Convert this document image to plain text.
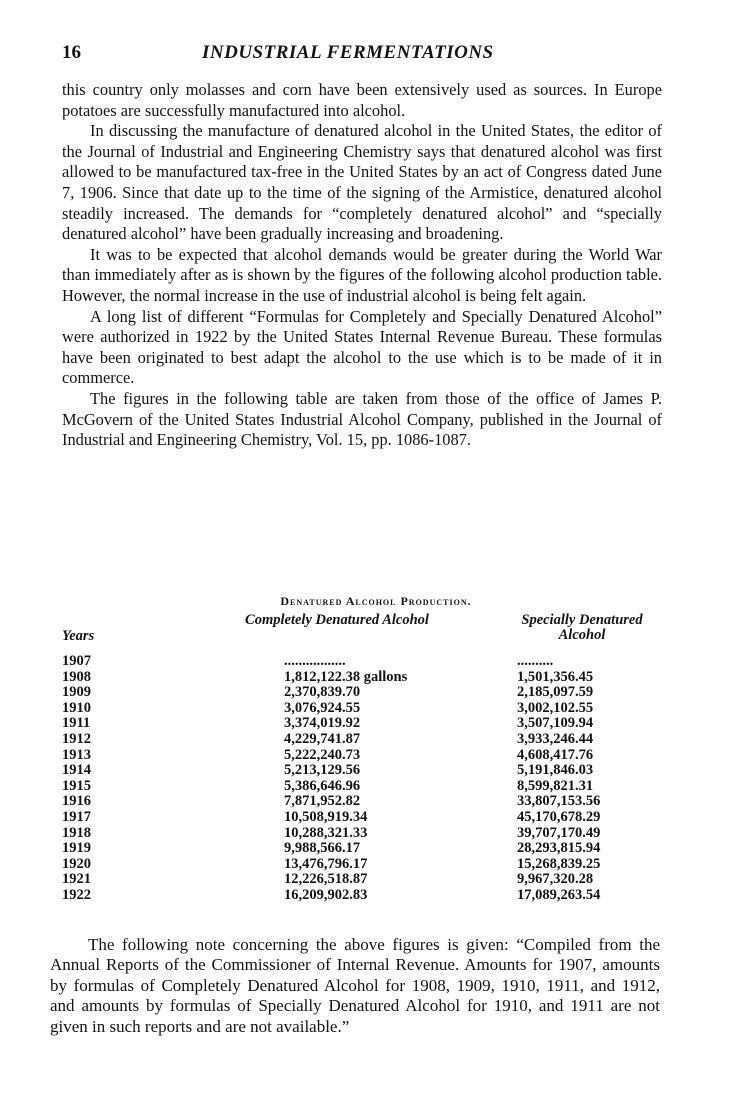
16	INDUSTRIAL FERMENTATIONS

this country only molasses and corn have been extensively used as sources. In Europe potatoes are successfully manufactured into alcohol.

In discussing the manufacture of denatured alcohol in the United States, the editor of the Journal of Industrial and Engineering Chemistry says that denatured alcohol was first allowed to be manufactured tax-free in the United States by an act of Congress dated June 7, 1906. Since that date up to the time of the signing of the Armistice, denatured alcohol steadily increased. The demands for “completely denatured alcohol” and “specially denatured alcohol” have been gradually increasing and broadening.

It was to be expected that alcohol demands would be greater during the World War than immediately after as is shown by the figures of the following alcohol production table. However, the normal increase in the use of industrial alcohol is being felt again.

A long list of different “Formulas for Completely and Specially Denatured Alcohol” were authorized in 1922 by the United States Internal Revenue Bureau. These formulas have been originated to best adapt the alcohol to the use which is to be made of it in commerce.

The figures in the following table are taken from those of the office of James P. McGovern of the United States Industrial Alcohol Company, published in the Journal of Industrial and Engineering Chemistry, Vol. 15, pp. 1086-1087.

Denatured Alcohol Production.
Years
Completely Denatured Alcohol	Specially Denatured Alcohol
1907	.................	..........
1908	1,812,122.38 gallons	1,501,356.45
1909	2,370,839.70	2,185,097.59
1910	3,076,924.55	3,002,102.55
1911	3,374,019.92	3,507,109.94
1912	4,229,741.87	3,933,246.44
1913	5,222,240.73	4,608,417.76
1914	5,213,129.56	5,191,846.03
1915	5,386,646.96	8,599,821.31
1916	7,871,952.82	33,807,153.56
1917	10,508,919.34	45,170,678.29
1918	10,288,321.33	39,707,170.49
1919	9,988,566.17	28,293,815.94
1920	13,476,796.17	15,268,839.25
1921	12,226,518.87	9,967,320.28
1922	16,209,902.83	17,089,263.54

The following note concerning the above figures is given: “Compiled from the Annual Reports of the Commissioner of Internal Revenue. Amounts for 1907, amounts by formulas of Completely Denatured Alcohol for 1908, 1909, 1910, 1911, and 1912, and amounts by formulas of Specially Denatured Alcohol for 1910, and 1911 are not given in such reports and are not available.”
